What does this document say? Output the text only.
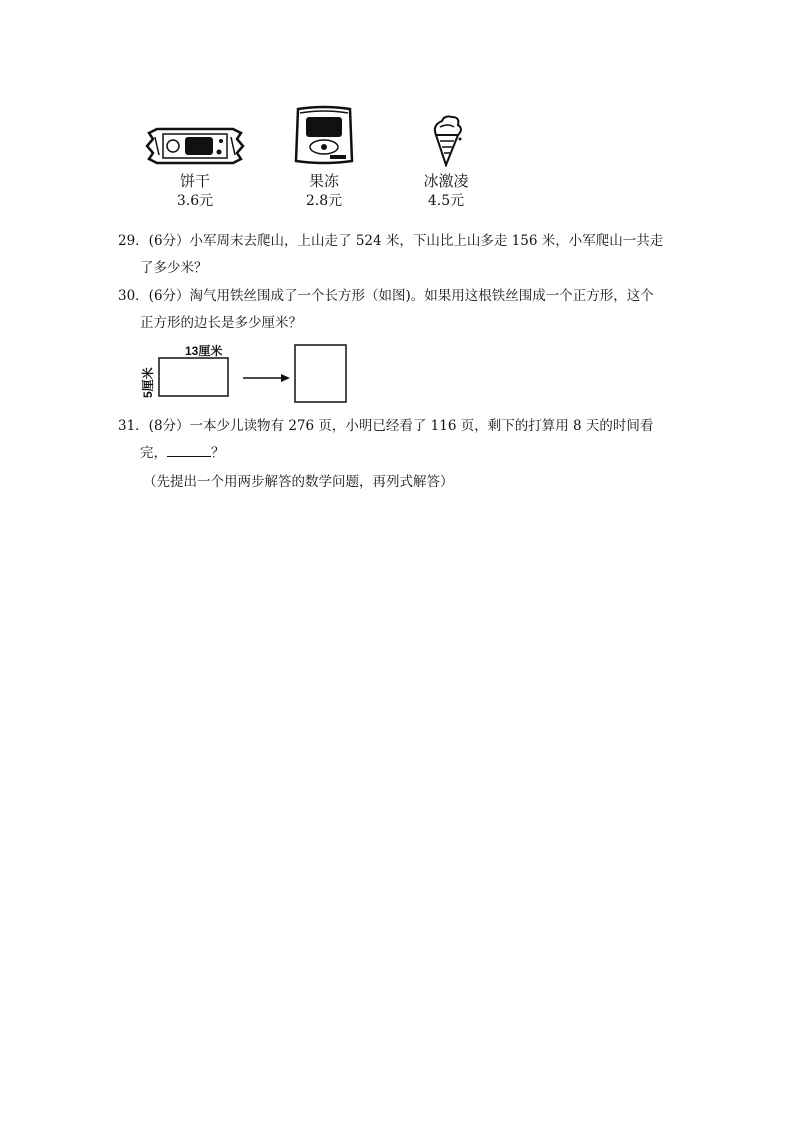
饼干
3.6元
果冻
2.8元
冰激凌
4.5元
29．(6分）小军周末去爬山，上山走了 524 米，下山比上山多走 156 米，小军爬山一共走
了多少米？
30．(6分）淘气用铁丝围成了一个长方形（如图)。如果用这根铁丝围成一个正方形，这个
正方形的边长是多少厘米？
13厘米
5厘米
31．(8分）一本少儿读物有 276 页，小明已经看了 116 页，剩下的打算用 8 天的时间看
完，	？
（先提出一个用两步解答的数学问题，再列式解答）
